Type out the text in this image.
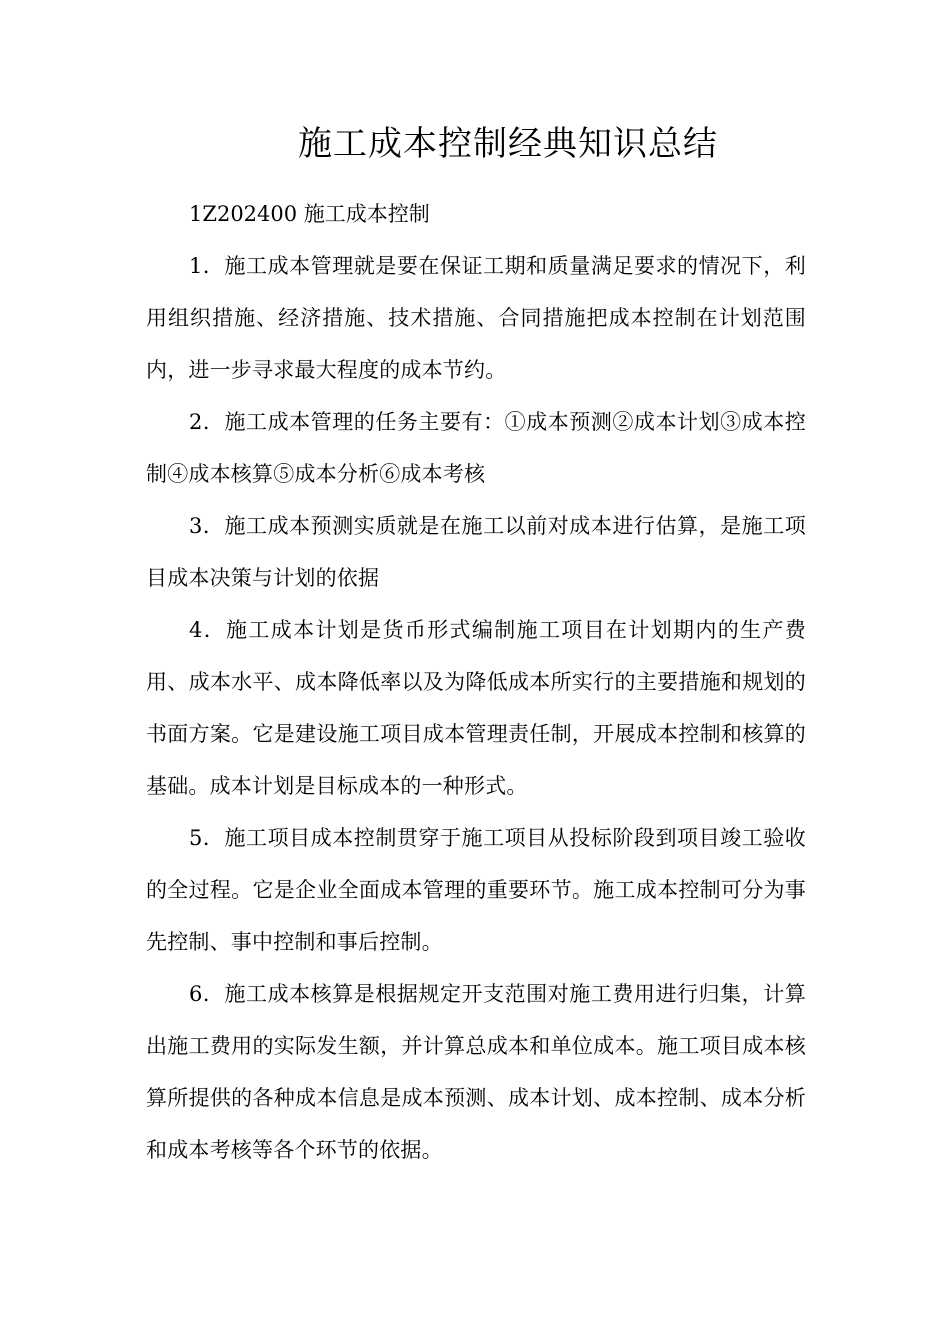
施工成本控制经典知识总结

1Z202400 施工成本控制

1．施工成本管理就是要在保证工期和质量满足要求的情况下，利用组织措施、经济措施、技术措施、合同措施把成本控制在计划范围内，进一步寻求最大程度的成本节约。

2．施工成本管理的任务主要有：①成本预测②成本计划③成本控制④成本核算⑤成本分析⑥成本考核

3．施工成本预测实质就是在施工以前对成本进行估算，是施工项目成本决策与计划的依据

4．施工成本计划是货币形式编制施工项目在计划期内的生产费用、成本水平、成本降低率以及为降低成本所实行的主要措施和规划的书面方案。它是建设施工项目成本管理责任制，开展成本控制和核算的基础。成本计划是目标成本的一种形式。

5．施工项目成本控制贯穿于施工项目从投标阶段到项目竣工验收的全过程。它是企业全面成本管理的重要环节。施工成本控制可分为事先控制、事中控制和事后控制。

6．施工成本核算是根据规定开支范围对施工费用进行归集，计算出施工费用的实际发生额，并计算总成本和单位成本。施工项目成本核算所提供的各种成本信息是成本预测、成本计划、成本控制、成本分析和成本考核等各个环节的依据。
